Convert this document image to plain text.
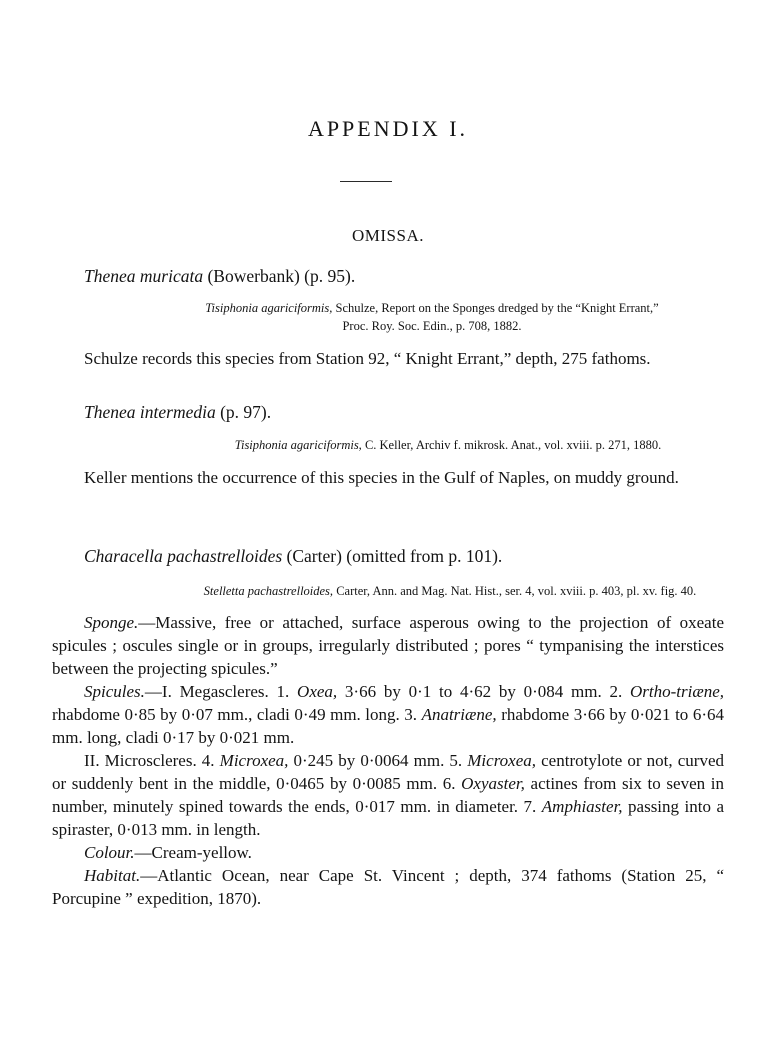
APPENDIX I.
OMISSA.
Thenea muricata (Bowerbank) (p. 95).
Tisiphonia agariciformis, Schulze, Report on the Sponges dredged by the “Knight Errant,”
Proc. Roy. Soc. Edin., p. 708, 1882.
Schulze records this species from Station 92, “ Knight Errant,” depth, 275 fathoms.
Thenea intermedia (p. 97).
Tisiphonia agariciformis, C. Keller, Archiv f. mikrosk. Anat., vol. xviii. p. 271, 1880.
Keller mentions the occurrence of this species in the Gulf of Naples, on muddy ground.
Characella pachastrelloides (Carter) (omitted from p. 101).
Stelletta pachastrelloides, Carter, Ann. and Mag. Nat. Hist., ser. 4, vol. xviii. p. 403, pl. xv. fig. 40.
Sponge.—Massive, free or attached, surface asperous owing to the projection of oxeate spicules ; oscules single or in groups, irregularly distributed ; pores “ tympanising the interstices between the projecting spicules.”
Spicules.—I. Megascleres. 1. Oxea, 3·66 by 0·1 to 4·62 by 0·084 mm. 2. Ortho-triæne, rhabdome 0·85 by 0·07 mm., cladi 0·49 mm. long. 3. Anatriæne, rhabdome 3·66 by 0·021 to 6·64 mm. long, cladi 0·17 by 0·021 mm.
II. Microscleres. 4. Microxea, 0·245 by 0·0064 mm. 5. Microxea, centrotylote or not, curved or suddenly bent in the middle, 0·0465 by 0·0085 mm. 6. Oxyaster, actines from six to seven in number, minutely spined towards the ends, 0·017 mm. in diameter. 7. Amphiaster, passing into a spiraster, 0·013 mm. in length.
Colour.—Cream-yellow.
Habitat.—Atlantic Ocean, near Cape St. Vincent ; depth, 374 fathoms (Station 25, “ Porcupine ” expedition, 1870).
